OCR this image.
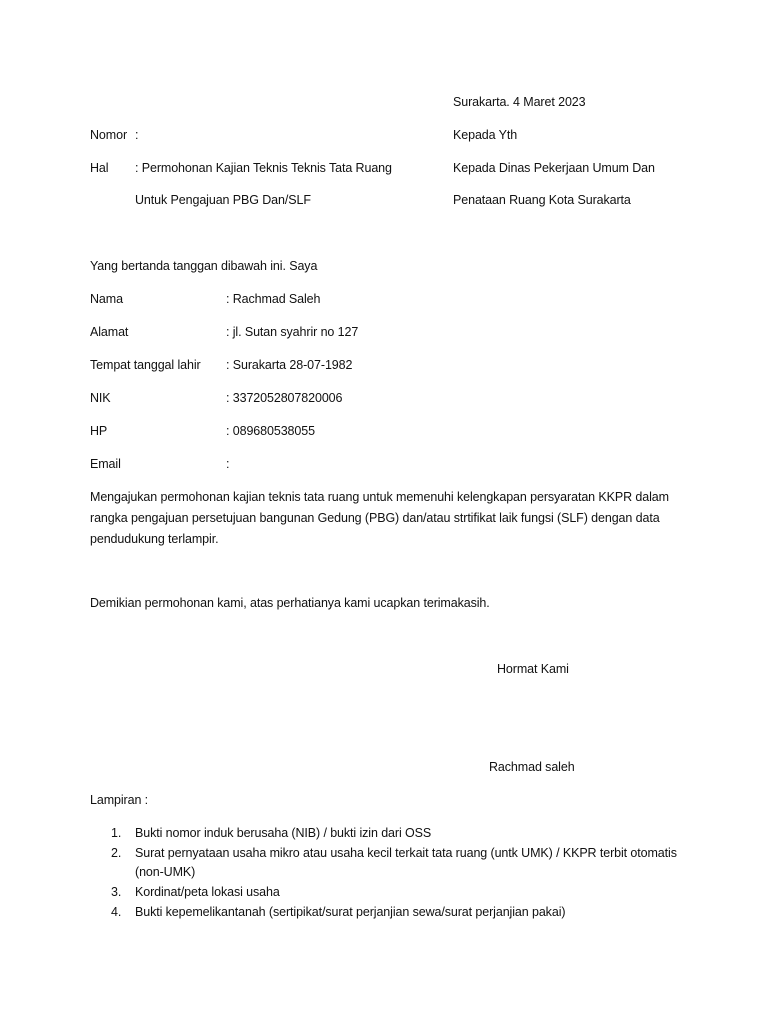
Surakarta. 4 Maret 2023
Nomor :	Kepada Yth
Kepada Dinas Pekerjaan Umum Dan
Penataan Ruang Kota Surakarta
Hal : Permohonan Kajian Teknis Teknis Tata Ruang
Untuk Pengajuan PBG Dan/SLF
Yang bertanda tanggan dibawah ini. Saya
Nama	: Rachmad Saleh
Alamat	: jl. Sutan syahrir no 127
Tempat tanggal lahir : Surakarta 28-07-1982
NIK	: 3372052807820006
HP	: 089680538055
Email	:
Mengajukan permohonan kajian teknis tata ruang untuk memenuhi kelengkapan persyaratan KKPR dalam rangka pengajuan persetujuan bangunan Gedung (PBG) dan/atau strtifikat laik fungsi (SLF) dengan data pendudukung terlampir.
Demikian permohonan kami, atas perhatianya kami ucapkan terimakasih.
Hormat Kami
Rachmad saleh
Lampiran :
1. Bukti nomor induk berusaha (NIB) / bukti izin dari OSS
2. Surat pernyataan usaha mikro atau usaha kecil terkait tata ruang (untk UMK) / KKPR terbit otomatis (non-UMK)
3. Kordinat/peta lokasi usaha
4. Bukti kepemelikantanah (sertipikat/surat perjanjian sewa/surat perjanjian pakai)
